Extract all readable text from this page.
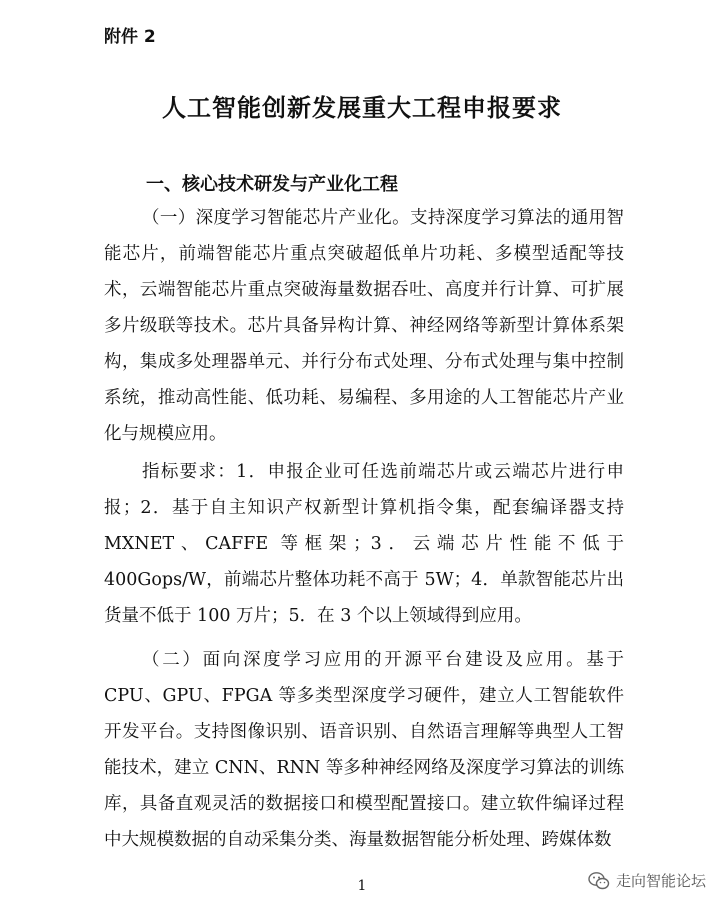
附件 2
人工智能创新发展重大工程申报要求
一、核心技术研发与产业化工程

（一）深度学习智能芯片产业化。支持深度学习算法的通用智能芯片，前端智能芯片重点突破超低单片功耗、多模型适配等技术，云端智能芯片重点突破海量数据吞吐、高度并行计算、可扩展多片级联等技术。芯片具备异构计算、神经网络等新型计算体系架构，集成多处理器单元、并行分布式处理、分布式处理与集中控制系统，推动高性能、低功耗、易编程、多用途的人工智能芯片产业化与规模应用。

指标要求：1．申报企业可任选前端芯片或云端芯片进行申报；2．基于自主知识产权新型计算机指令集，配套编译器支持 MXNET、CAFFE 等框架；3．云端芯片性能不低于 400Gops/W，前端芯片整体功耗不高于 5W；4．单款智能芯片出货量不低于 100 万片；5．在 3 个以上领域得到应用。

（二）面向深度学习应用的开源平台建设及应用。基于 CPU、GPU、FPGA 等多类型深度学习硬件，建立人工智能软件开发平台。支持图像识别、语音识别、自然语言理解等典型人工智能技术，建立 CNN、RNN 等多种神经网络及深度学习算法的训练库，具备直观灵活的数据接口和模型配置接口。建立软件编译过程中大规模数据的自动采集分类、海量数据智能分析处理、跨媒体数

1	走向智能论坛
